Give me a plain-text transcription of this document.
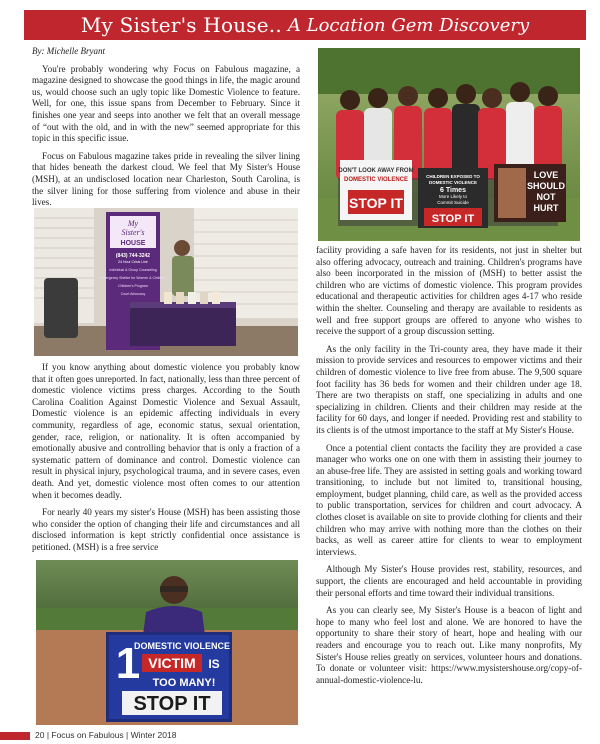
My Sister's House.. A Location Gem Discovery

By: Michelle Bryant

You're probably wondering why Focus on Fabulous magazine, a magazine designed to showcase the good things in life, the magic around us, would choose such an ugly topic like Domestic Violence to feature. Well, for one, this issue spans from December to February. Since it finishes one year and seeps into another we felt that an overall message of “out with the old, and in with the new” seemed appropriate for this topic in this specific issue.

Focus on Fabulous magazine takes pride in revealing the silver lining that hides beneath the darkest cloud. We feel that My Sister's House (MSH), at an undisclosed location near Charleston, South Carolina, is the silver lining for those suffering from violence and abuse in their lives.

My
Sister's
HOUSE
(843) 744-3242
24 Hour Crisis Line
Individual & Group Counseling
Emergency Shelter for Women & Children
Children's Program
Court Advocacy

If you know anything about domestic violence you probably know that it often goes unreported. In fact, nationally, less than three percent of domestic violence victims press charges. According to the South Carolina Coalition Against Domestic Violence and Sexual Assault, Domestic violence is an epidemic affecting individuals in every community, regardless of age, economic status, sexual orientation, gender, race, religion, or nationality. It is often accompanied by emotionally abusive and controlling behavior that is only a fraction of a systematic pattern of dominance and control. Domestic violence can result in physical injury, psychological trauma, and in severe cases, even death. And yet, domestic violence most often comes to our attention when it becomes deadly.

For nearly 40 years my sister's House (MSH) has been assisting those who consider the option of changing their life and circumstances and all disclosed information is kept strictly confidential once assistance is petitioned. (MSH) is a free service

1
DOMESTIC VIOLENCE
VICTIM IS
TOO MANY!
STOP IT
DON'T LOOK AWAY FROM
DOMESTIC VIOLENCE
STOP IT
CHILDREN EXPOSED TO
DOMESTIC VIOLENCE
6 Times
More Likely to
Commit Suicide
STOP IT
LOVE
SHOULD
NOT
HURT

facility providing a safe haven for its residents, not just in shelter but also offering advocacy, outreach and training. Children's programs have also been incorporated in the mission of (MSH) to better assist the children who are victims of domestic violence. This program provides educational and therapeutic activities for children ages 4-17 who reside within the shelter. Counseling and therapy are available to residents as well and free support groups are offered to anyone who wishes to receive the support of a group discussion setting.

As the only facility in the Tri-county area, they have made it their mission to provide services and resources to empower victims and their children of domestic violence to live free from abuse. The 9,500 square foot facility has 36 beds for women and their children under age 18. There are two therapists on staff, one specializing in adults and one specializing in children. Clients and their children may reside at the facility for 60 days, and longer if needed. Providing rest and stability to its clients is of the utmost importance to the staff at My Sister's House.

Once a potential client contacts the facility they are provided a case manager who works one on one with them in assisting their journey to an abuse-free life. They are assisted in setting goals and working toward transitioning, to include but not limited to, transitional housing, employment, budget planning, child care, as well as the provided access to public transportation, services for children and court advocacy. A clothes closet is available on site to provide clothing for clients and their children who may arrive with nothing more than the clothes on their backs, as well as career attire for clients to wear to employment interviews.

Although My Sister's House provides rest, stability, resources, and support, the clients are encouraged and held accountable in providing their personal efforts and time toward their individual transitions.

As you can clearly see, My Sister's House is a beacon of light and hope to many who feel lost and alone. We are honored to have the opportunity to share their story of heart, hope and healing with our readers and encourage you to reach out. Like many nonprofits, My Sister's House relies greatly on services, volunteer hours and donations. To donate or volunteer visit: https://www.mysistershouse.org/copy-of-annual-domestic-violence-lu.

20 | Focus on Fabulous | Winter 2018
